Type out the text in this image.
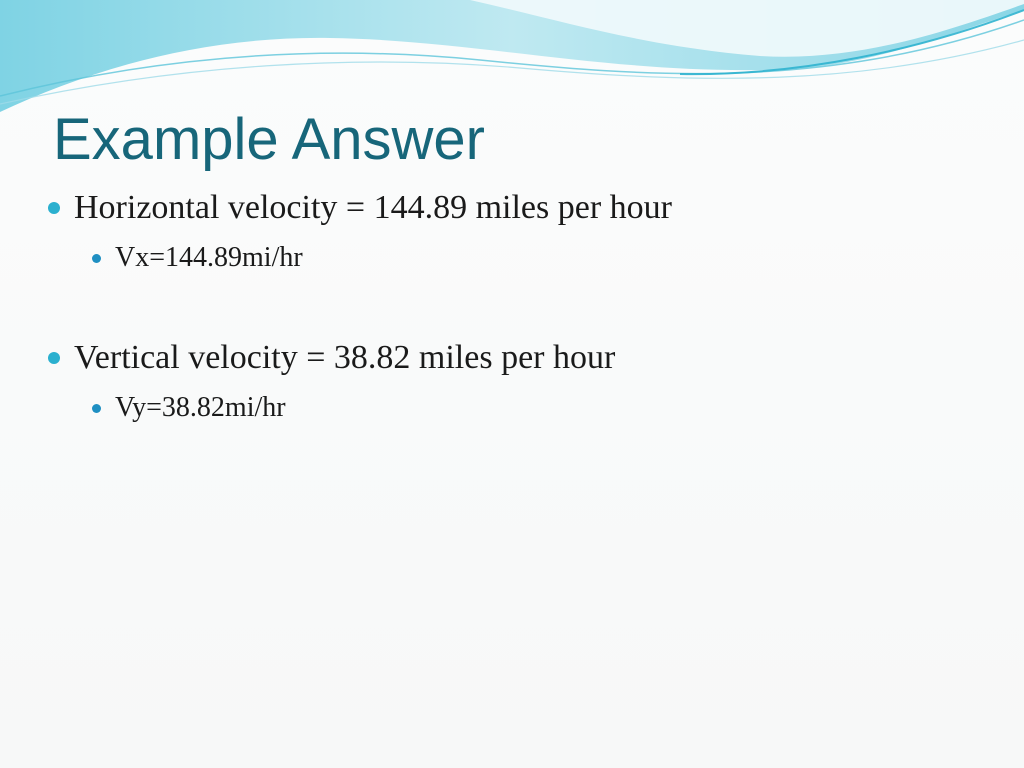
Example Answer
Horizontal velocity = 144.89 miles per hour
Vx=144.89mi/hr
Vertical velocity = 38.82 miles per hour
Vy=38.82mi/hr
